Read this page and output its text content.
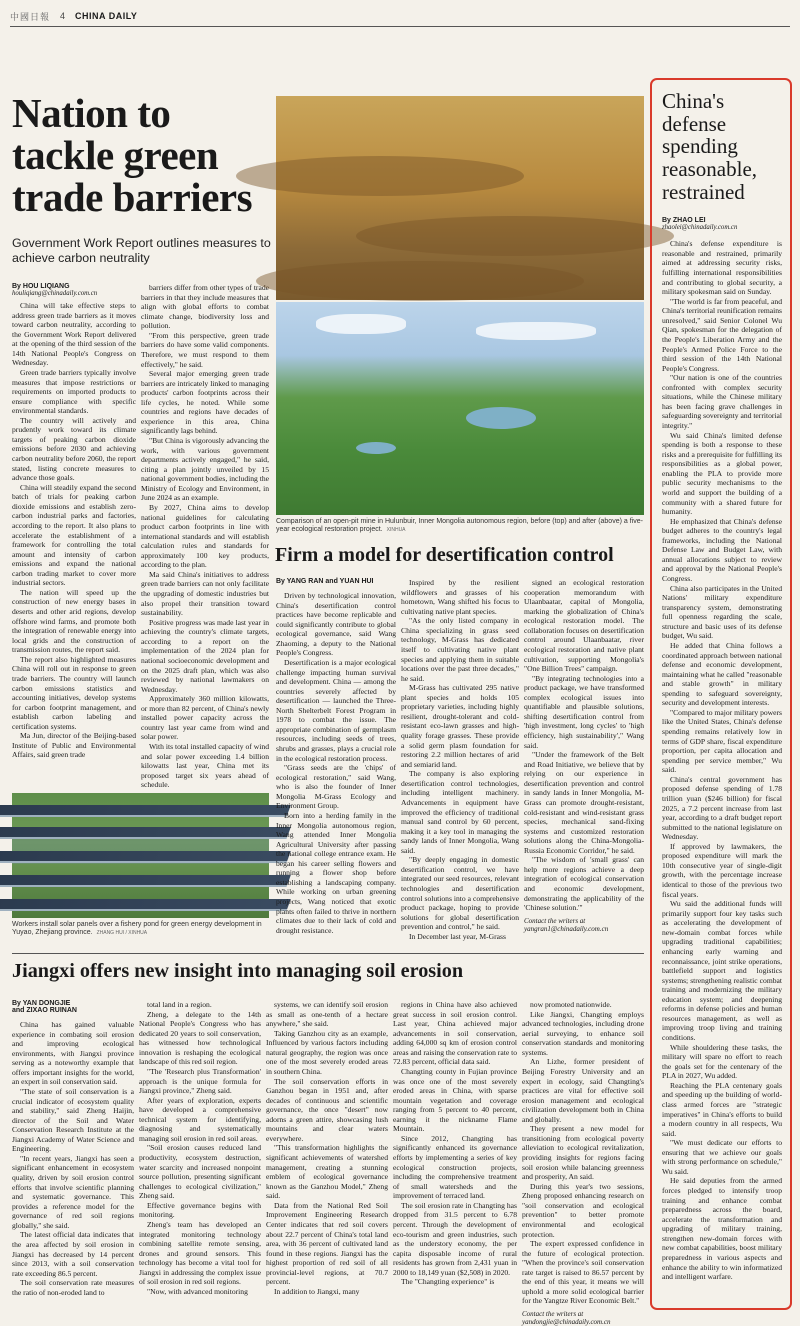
中國日報 4 CHINA DAILY
Nation to tackle green trade barriers

Government Work Report outlines measures to achieve carbon neutrality

By HOU LIQIANG

houliqiang@chinadaily.com.cn

China will take effective steps to address green trade barriers as it moves toward carbon neutrality, according to the Government Work Report delivered at the opening of the third session of the 14th National People's Congress on Wednesday.

Green trade barriers typically involve measures that impose restrictions or requirements on imported products to ensure compliance with specific environmental standards.

The country will actively and prudently work toward its climate targets of peaking carbon dioxide emissions before 2030 and achieving carbon neutrality before 2060, the report stated, listing concrete measures to advance those goals.

China will steadily expand the second batch of trials for peaking carbon dioxide emissions and establish zero-carbon industrial parks and factories, according to the report. It also plans to accelerate the establishment of a framework for controlling the total amount and intensity of carbon emissions and expand the national carbon trading market to cover more industrial sectors.

The nation will speed up the construction of new energy bases in deserts and other arid regions, develop offshore wind farms, and promote both the integration of renewable energy into local grids and the construction of transmission routes, the report said.

The report also highlighted measures China will roll out in response to green trade barriers. The country will launch carbon emissions statistics and accounting initiatives, develop systems for carbon footprint management, and establish carbon labeling and certification systems.

Ma Jun, director of the Beijing-based Institute of Public and Environmental Affairs, said green trade

barriers differ from other types of trade barriers in that they include measures that align with global efforts to combat climate change, biodiversity loss and pollution.

"From this perspective, green trade barriers do have some valid components. Therefore, we must respond to them effectively," he said.

Several major emerging green trade barriers are intricately linked to managing products' carbon footprints across their life cycles, he noted. While some countries and regions have decades of experience in this area, China significantly lags behind.

"But China is vigorously advancing the work, with various government departments actively engaged," he said, citing a plan jointly unveiled by 15 national government bodies, including the Ministry of Ecology and Environment, in June 2024 as an example.

By 2027, China aims to develop national guidelines for calculating product carbon footprints in line with international standards and will establish calculation rules and standards for approximately 100 key products, according to the plan.

Ma said China's initiatives to address green trade barriers can not only facilitate the upgrading of domestic industries but also propel their transition toward sustainability.

Positive progress was made last year in achieving the country's climate targets, according to a report on the implementation of the 2024 plan for national socioeconomic development and on the 2025 draft plan, which was also reviewed by national lawmakers on Wednesday.

Approximately 360 million kilowatts, or more than 82 percent, of China's newly installed power capacity across the country last year came from wind and solar power.

With its total installed capacity of wind and solar power exceeding 1.4 billion kilowatts last year, China met its proposed target six years ahead of schedule.

Workers install solar panels over a fishery pond for green energy development in Yuyao, Zhejiang province. ZHANG HUI / XINHUA
Comparison of an open-pit mine in Hulunbuir, Inner Mongolia autonomous region, before (top) and after (above) a five-year ecological restoration project. XINHUA
Firm a model for desertification control

By YANG RAN and YUAN HUI

Driven by technological innovation, China's desertification control practices have become replicable and could significantly contribute to global ecological governance, said Wang Zhaoming, a deputy to the National People's Congress.

Desertification is a major ecological challenge impacting human survival and development. China — among the countries severely affected by desertification — launched the Three-North Shelterbelt Forest Program in 1978 to combat the issue. The appropriate combination of germplasm resources, including seeds of trees, shrubs and grasses, plays a crucial role in the ecological restoration process.

"Grass seeds are the 'chips' of ecological restoration," said Wang, who is also the founder of Inner Mongolia M-Grass Ecology and Environment Group.

Born into a herding family in the Inner Mongolia autonomous region, Wang attended Inner Mongolia Agricultural University after passing the national college entrance exam. He began his career selling flowers and running a flower shop before establishing a landscaping company. While working on urban greening projects, Wang noticed that exotic plants often failed to thrive in northern climates due to their lack of cold and drought resistance.

Inspired by the resilient wildflowers and grasses of his hometown, Wang shifted his focus to cultivating native plant species.

"As the only listed company in China specializing in grass seed technology, M-Grass has dedicated itself to cultivating native plant species and applying them in suitable locations over the past three decades," he said.

M-Grass has cultivated 295 native plant species and holds 105 proprietary varieties, including highly resilient, drought-tolerant and cold-resistant eco-lawn grasses and high-quality forage grasses. These provide a solid germ plasm foundation for restoring 2.2 million hectares of arid and semiarid land.

The company is also exploring desertification control technologies, including intelligent machinery. Advancements in equipment have improved the efficiency of traditional manual sand control by 60 percent, making it a key tool in managing the sandy lands of Inner Mongolia, Wang said.

"By deeply engaging in domestic desertification control, we have integrated our seed resources, relevant technologies and desertification control solutions into a comprehensive product package, hoping to provide solutions for global desertification prevention and control," he said.

In December last year, M-Grass

signed an ecological restoration cooperation memorandum with Ulaanbaatar, capital of Mongolia, marking the globalization of China's ecological restoration model. The collaboration focuses on desertification control around Ulaanbaatar, river ecological restoration and native plant cultivation, supporting Mongolia's "One Billion Trees" campaign.

"By integrating technologies into a product package, we have transformed complex ecological issues into quantifiable and plausible solutions, shifting desertification control from 'high investment, long cycles' to 'high efficiency, high sustainability'," Wang said.

"Under the framework of the Belt and Road Initiative, we believe that by relying on our experience in desertification prevention and control in sandy lands in Inner Mongolia, M-Grass can promote drought-resistant, cold-resistant and wind-resistant grass species, mechanical sand-fixing systems and customized restoration solutions along the China-Mongolia-Russia Economic Corridor," he said.

"The wisdom of 'small grass' can help more regions achieve a deep integration of ecological conservation and economic development, demonstrating the applicability of the 'Chinese solution.'"

Contact the writers at yangran1@chinadaily.com.cn
Jiangxi offers new insight into managing soil erosion

By YAN DONGJIE

and ZIXAO RUINAN

China has gained valuable experience in combating soil erosion and improving ecological environments, with Jiangxi province serving as a noteworthy example that offers important insights for the world, an expert in soil conservation said.

"The state of soil conservation is a crucial indicator of ecosystem quality and stability," said Zheng Haijin, director of the Soil and Water Conservation Research Institute at the Jiangxi Academy of Water Science and Engineering.

"In recent years, Jiangxi has seen a significant enhancement in ecosystem quality, driven by soil erosion control efforts that involve scientific planning and systematic governance. This provides a reference model for the governance of red soil regions globally," she said.

The latest official data indicates that the area affected by soil erosion in Jiangxi has decreased by 14 percent since 2013, with a soil conservation rate exceeding 86.5 percent.

The soil conservation rate measures the ratio of non-eroded land to

total land in a region.

Zheng, a delegate to the 14th National People's Congress who has dedicated 20 years to soil conservation, has witnessed how technological innovation is reshaping the ecological landscape of this red soil region.

"The 'Research plus Transformation' approach is the unique formula for Jiangxi province," Zheng said.

After years of exploration, experts have developed a comprehensive technical system for identifying, diagnosing and systematically managing soil erosion in red soil areas.

"Soil erosion causes reduced land productivity, ecosystem destruction, water scarcity and increased nonpoint source pollution, presenting significant challenges to ecological civilization," Zheng said.

Effective governance begins with monitoring.

Zheng's team has developed an integrated monitoring technology combining satellite remote sensing, drones and ground sensors. This technology has become a vital tool for Jiangxi in addressing the complex issue of soil erosion in red soil regions.

"Now, with advanced monitoring

systems, we can identify soil erosion as small as one-tenth of a hectare anywhere," she said.

Taking Ganzhou city as an example, Influenced by various factors including natural geography, the region was once one of the most severely eroded areas in southern China.

The soil conservation efforts in Ganzhou began in 1951 and, after decades of continuous and scientific governance, the once "desert" now adorns a green attire, showcasing lush mountains and clear waters everywhere.

"This transformation highlights the significant achievements of watershed management, creating a stunning emblem of ecological governance known as the Ganzhou Model," Zheng said.

Data from the National Red Soil Improvement Engineering Research Center indicates that red soil covers about 22.7 percent of China's total land area, with 36 percent of cultivated land found in these regions. Jiangxi has the highest proportion of red soil of all provincial-level regions, at 70.7 percent.

In addition to Jiangxi, many

regions in China have also achieved great success in soil erosion control. Last year, China achieved major advancements in soil conservation, adding 64,000 sq km of erosion control areas and raising the conservation rate to 72.83 percent, official data said.

Changting county in Fujian province was once one of the most severely eroded areas in China, with sparse mountain vegetation and coverage ranging from 5 percent to 40 percent, earning it the nickname Flame Mountain.

Since 2012, Changting has significantly enhanced its governance efforts by implementing a series of key ecological construction projects, including the comprehensive treatment of small watersheds and the improvement of terraced land.

The soil erosion rate in Changting has dropped from 31.5 percent to 6.78 percent. Through the development of eco-tourism and green industries, such as the understory economy, the per capita disposable income of rural residents has grown from 2,431 yuan in 2000 to 18,149 yuan ($2,508) in 2020.

The "Changting experience" is

now promoted nationwide.

Like Jiangxi, Changting employs advanced technologies, including drone aerial surveying, to enhance soil conservation standards and monitoring systems.

An Lizhe, former president of Beijing Forestry University and an expert in ecology, said Changting's practices are vital for effective soil erosion management and ecological civilization development both in China and globally.

They present a new model for transitioning from ecological poverty alleviation to ecological revitalization, providing insights for regions facing soil erosion while balancing greenness and prosperity, An said.

During this year's two sessions, Zheng proposed enhancing research on "soil conservation and ecological prevention" to better promote environmental and ecological protection.

The expert expressed confidence in the future of ecological protection. "When the province's soil conservation rate target is raised to 86.57 percent by the end of this year, it means we will uphold a more solid ecological barrier for the Yangtze River Economic Belt."

Contact the writers at yandongjie@chinadaily.com.cn
China's defense spending reasonable, restrained

By ZHAO LEI

zhaolei@chinadaily.com.cn

China's defense expenditure is reasonable and restrained, primarily aimed at addressing security risks, fulfilling international responsibilities and contributing to global security, a military spokesman said on Sunday.

"The world is far from peaceful, and China's territorial reunification remains unresolved," said Senior Colonel Wu Qian, spokesman for the delegation of the People's Liberation Army and the People's Armed Police Force to the third session of the 14th National People's Congress.

"Our nation is one of the countries confronted with complex security situations, while the Chinese military has been facing grave challenges in safeguarding sovereignty and territorial integrity."

Wu said China's limited defense spending is both a response to these risks and a prerequisite for fulfilling its responsibilities as a global power, enabling the PLA to provide more public security mechanisms to the world and support the building of a community with a shared future for humanity.

He emphasized that China's defense budget adheres to the country's legal frameworks, including the National Defense Law and Budget Law, with annual allocations subject to review and approval by the National People's Congress.

China also participates in the United Nations' military expenditure transparency system, demonstrating full openness regarding the scale, structure and basic uses of its defense budget, Wu said.

He added that China follows a coordinated approach between national defense and economic development, maintaining what he called "reasonable and stable growth" in military spending to safeguard sovereignty, security and development interests.

"Compared to major military powers like the United States, China's defense spending remains relatively low in terms of GDP share, fiscal expenditure proportion, per capita allocation and spending per service member," Wu said.

China's central government has proposed defense spending of 1.78 trillion yuan ($246 billion) for fiscal 2025, a 7.2 percent increase from last year, according to a draft budget report submitted to the national legislature on Wednesday.

If approved by lawmakers, the proposed expenditure will mark the 10th consecutive year of single-digit growth, with the percentage increase identical to those of the previous two fiscal years.

Wu said the additional funds will primarily support four key tasks such as accelerating the development of new-domain combat forces while upgrading traditional capabilities; enhancing early warning and reconnaissance, joint strike operations, battlefield support and logistics systems; strengthening realistic combat training and modernizing the military education system; and deepening reforms in defense policies and human resources management, as well as improving troop living and training conditions.

While shouldering these tasks, the military will spare no effort to reach the goals set for the centenary of the PLA in 2027, Wu added.

Reaching the PLA centenary goals and speeding up the building of world-class armed forces are "strategic imperatives" in China's efforts to build a modern country in all respects, Wu said.

"We must dedicate our efforts to ensuring that we achieve our goals with strong performance on schedule," Wu said.

He said deputies from the armed forces pledged to intensify troop training and enhance combat preparedness across the board, accelerate the transformation and upgrading of military training, strengthen new-domain forces with new combat capabilities, boost military preparedness in various aspects and enhance the ability to win informatized and intelligent warfare.
